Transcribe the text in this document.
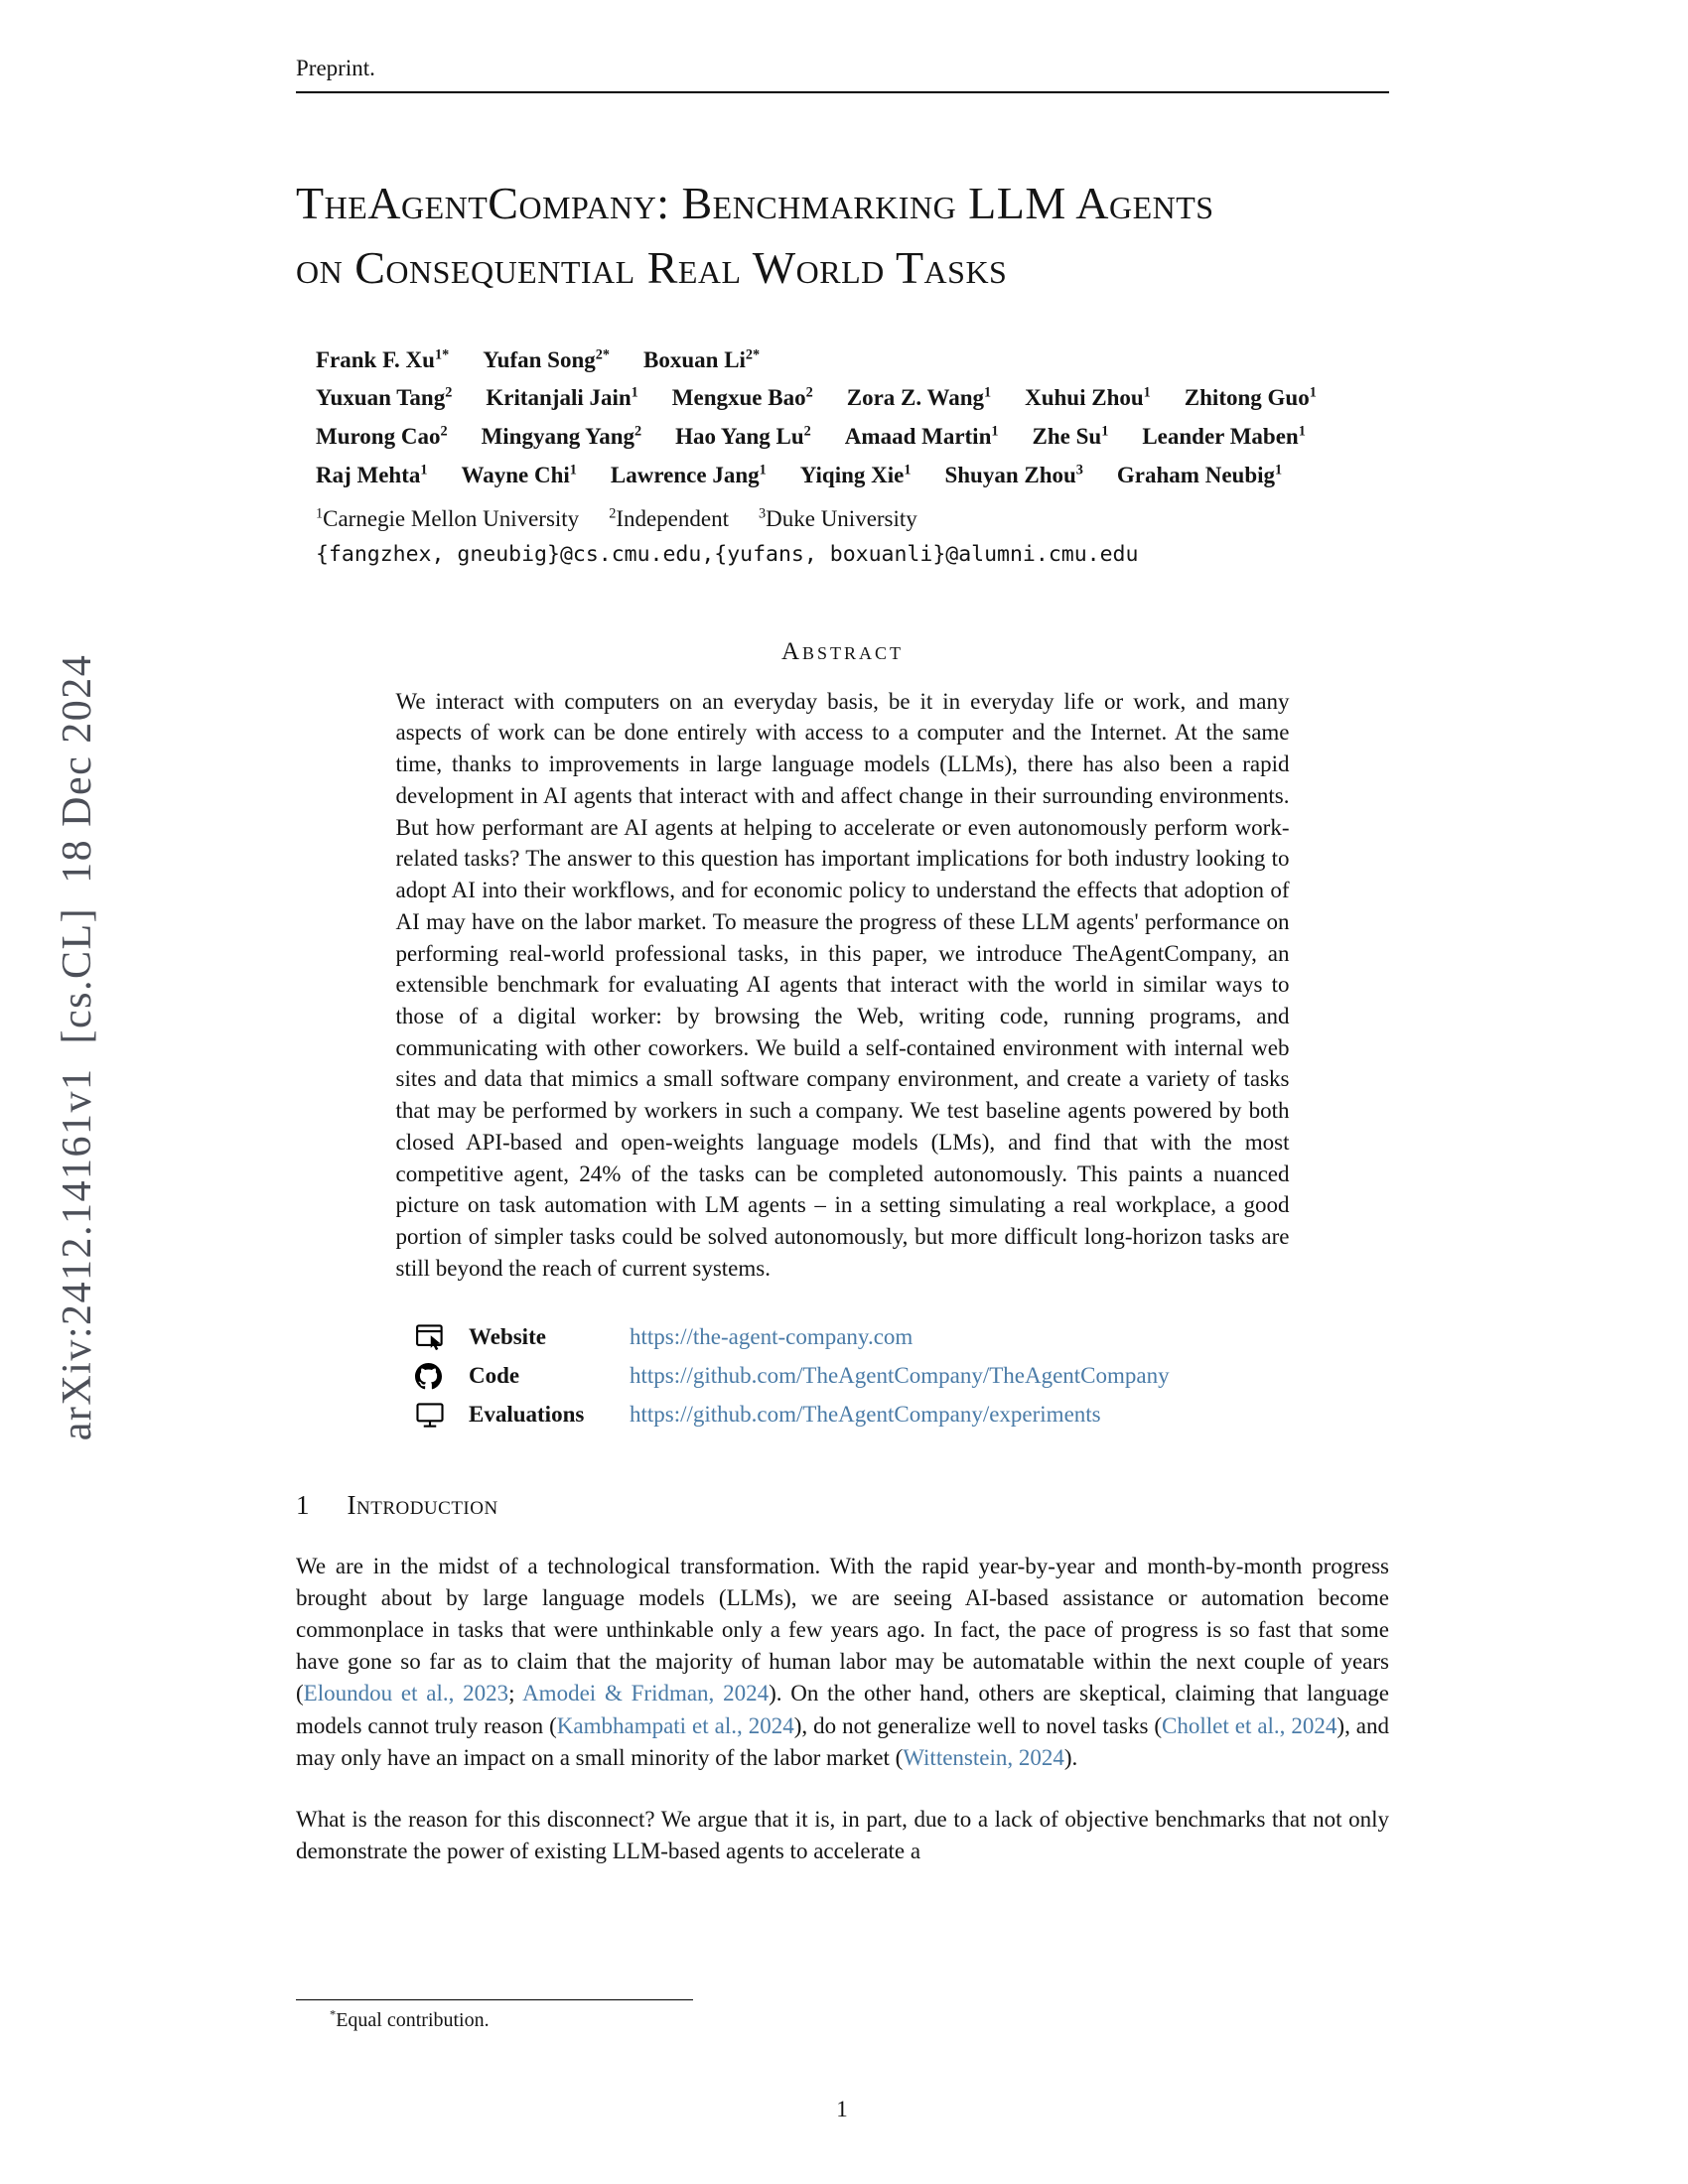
arXiv:2412.14161v1  [cs.CL]  18 Dec 2024
Preprint.
TheAgentCompany: Benchmarking LLM Agents
on Consequential Real World Tasks
Frank F. $Xu^{1*}$ Yufan Song$^{2*}$ Boxuan $Li^{2*}$
Yuxuan Tang$^2$ Kritanjali Jain$^1$ Mengxue Bao$^2$ Zora Z. Wang$^1$ Xuhui Zhou$^1$ Zhitong Guo$^1$
Murong Cao$^2$ Mingyang Yang$^2$ Hao Yang Lu$^2$ Amaad Martin$^1$ Zhe Su$^1$ Leander Maben$^1$
Raj Mehta$^1$ Wayne Chi$^1$ Lawrence Jang$^1$ Yiqing Xie$^1$ Shuyan Zhou$^3$ Graham Neubig$^1$
$^1$Carnegie Mellon University $^2$Independent $^3$Duke University
{fangzhex, gneubig}@cs.cmu.edu,{yufans, boxuanli}@alumni.cmu.edu
Abstract
We interact with computers on an everyday basis, be it in everyday life or work, and many aspects of work can be done entirely with access to a computer and the Internet. At the same time, thanks to improvements in large language models (LLMs), there has also been a rapid development in AI agents that interact with and affect change in their surrounding environments. But how performant are AI agents at helping to accelerate or even autonomously perform work-related tasks? The answer to this question has important implications for both industry looking to adopt AI into their workflows, and for economic policy to understand the effects that adoption of AI may have on the labor market. To measure the progress of these LLM agents' performance on performing real-world professional tasks, in this paper, we introduce TheAgentCompany, an extensible benchmark for evaluating AI agents that interact with the world in similar ways to those of a digital worker: by browsing the Web, writing code, running programs, and communicating with other coworkers. We build a self-contained environment with internal web sites and data that mimics a small software company environment, and create a variety of tasks that may be performed by workers in such a company. We test baseline agents powered by both closed API-based and open-weights language models (LMs), and find that with the most competitive agent, 24% of the tasks can be completed autonomously. This paints a nuanced picture on task automation with LM agents – in a setting simulating a real workplace, a good portion of simpler tasks could be solved autonomously, but more difficult long-horizon tasks are still beyond the reach of current systems.
Website	https://the-agent-company.com
Code	https://github.com/TheAgentCompany/TheAgentCompany
Evaluations	https://github.com/TheAgentCompany/experiments
1 Introduction

We are in the midst of a technological transformation. With the rapid year-by-year and month-by-month progress brought about by large language models (LLMs), we are seeing AI-based assistance or automation become commonplace in tasks that were unthinkable only a few years ago. In fact, the pace of progress is so fast that some have gone so far as to claim that the majority of human labor may be automatable within the next couple of years (Eloundou et al., 2023; Amodei & Fridman, 2024). On the other hand, others are skeptical, claiming that language models cannot truly reason (Kambhampati et al., 2024), do not generalize well to novel tasks (Chollet et al., 2024), and may only have an impact on a small minority of the labor market (Wittenstein, 2024).

What is the reason for this disconnect? We argue that it is, in part, due to a lack of objective benchmarks that not only demonstrate the power of existing LLM-based agents to accelerate a

*Equal contribution.
1
